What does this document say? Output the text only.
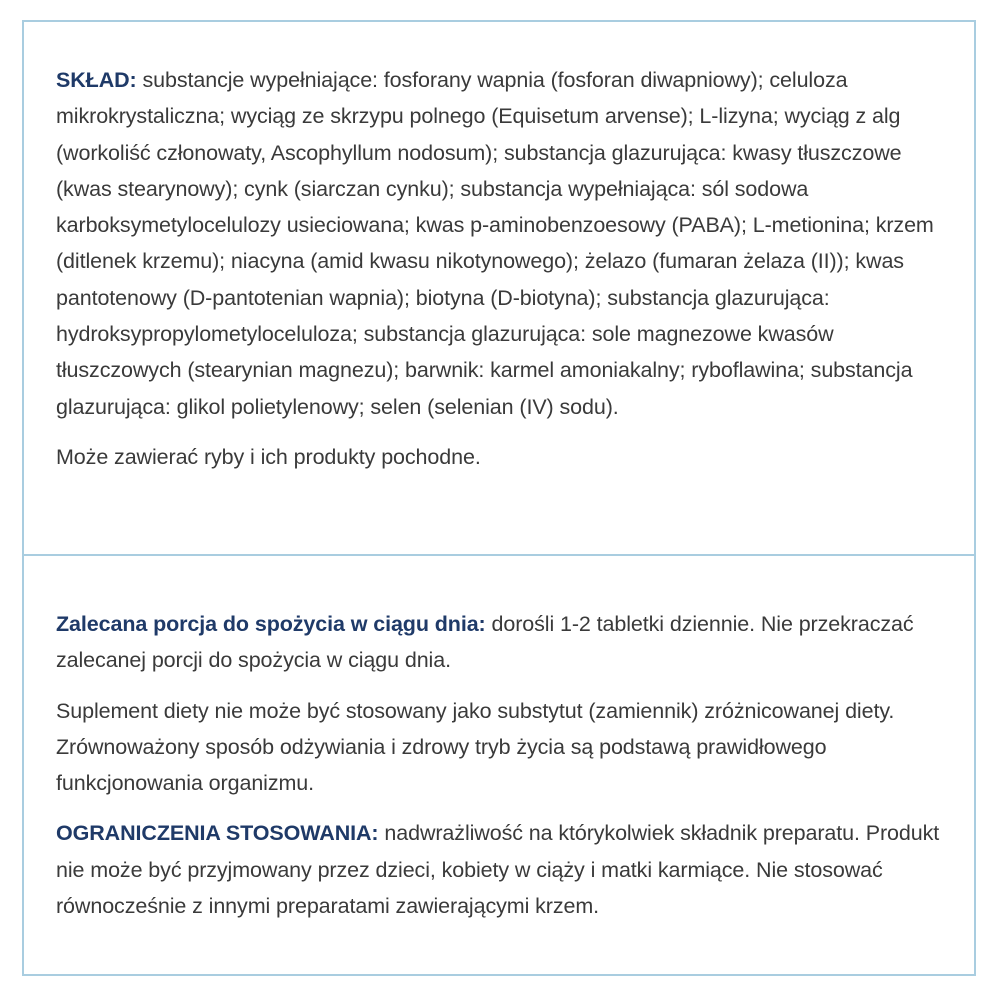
SKŁAD: substancje wypełniające: fosforany wapnia (fosforan diwapniowy); celuloza mikrokrystaliczna; wyciąg ze skrzypu polnego (Equisetum arvense); L-lizyna; wyciąg z alg (workoliść członowaty, Ascophyllum nodosum); substancja glazurująca: kwasy tłuszczowe (kwas stearynowy); cynk (siarczan cynku); substancja wypełniająca: sól sodowa karboksymetylocelulozy usieciowana; kwas p-aminobenzoesowy (PABA); L-metionina; krzem (ditlenek krzemu); niacyna (amid kwasu nikotynowego); żelazo (fumaran żelaza (II)); kwas pantotenowy (D-pantotenian wapnia); biotyna (D-biotyna); substancja glazurująca: hydroksypropylometyloceluloza; substancja glazurująca: sole magnezowe kwasów tłuszczowych (stearynian magnezu); barwnik: karmel amoniakalny; ryboflawina; substancja glazurująca: glikol polietylenowy; selen (selenian (IV) sodu).

Może zawierać ryby i ich produkty pochodne.

Zalecana porcja do spożycia w ciągu dnia: dorośli 1-2 tabletki dziennie. Nie przekraczać zalecanej porcji do spożycia w ciągu dnia.

Suplement diety nie może być stosowany jako substytut (zamiennik) zróżnicowanej diety. Zrównoważony sposób odżywiania i zdrowy tryb życia są podstawą prawidłowego funkcjonowania organizmu.

OGRANICZENIA STOSOWANIA: nadwrażliwość na którykolwiek składnik preparatu. Produkt nie może być przyjmowany przez dzieci, kobiety w ciąży i matki karmiące. Nie stosować równocześnie z innymi preparatami zawierającymi krzem.
